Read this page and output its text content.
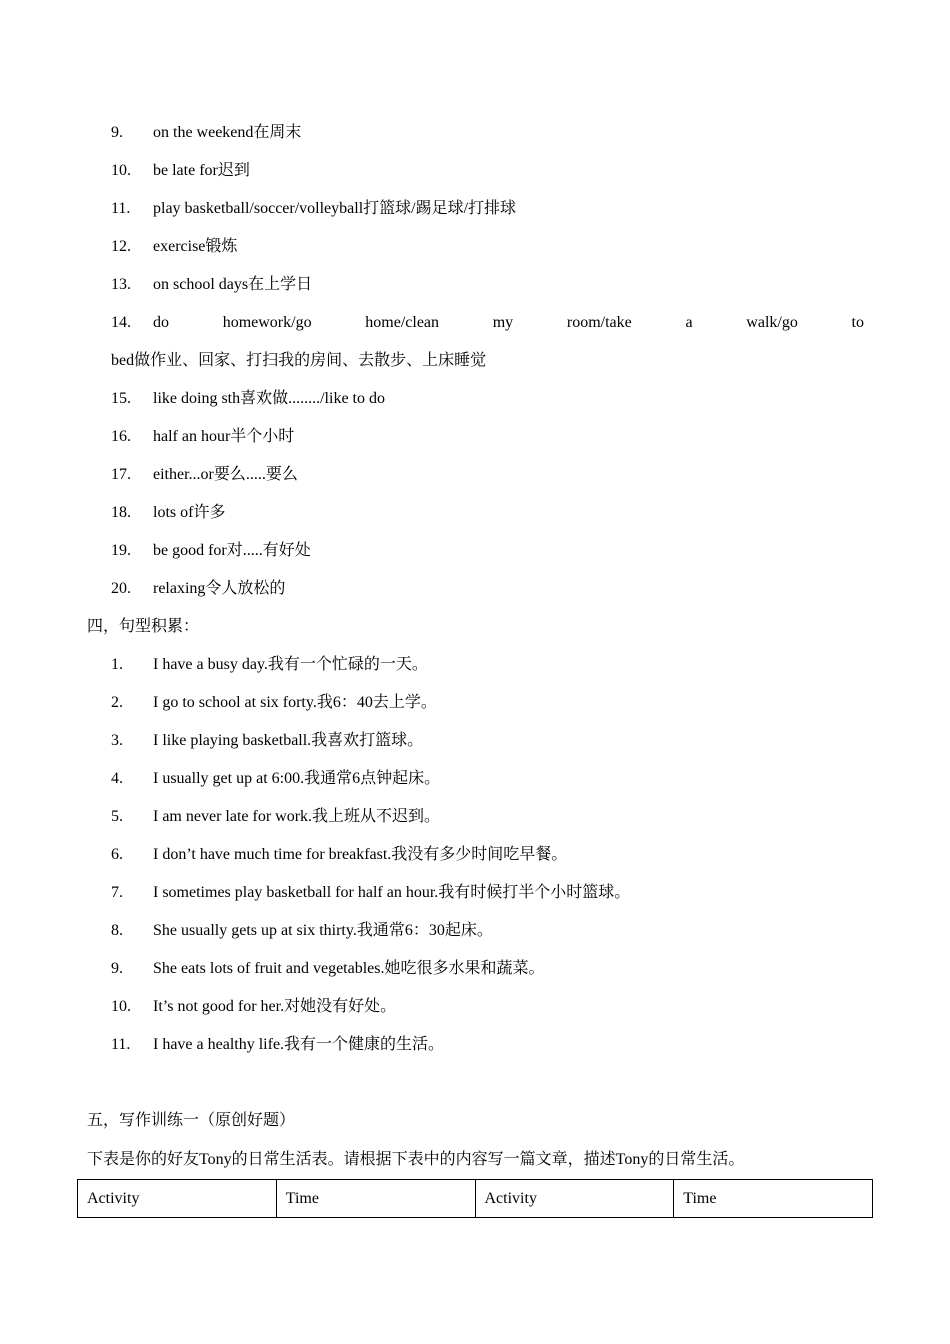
9. on the weekend在周末
10. be late for迟到
11. play basketball/soccer/volleyball打篮球/踢足球/打排球
12. exercise锻炼
13. on school days在上学日
14. do	homework/go	home/clean	my	room/take	a	walk/go	to
bed做作业、回家、打扫我的房间、去散步、上床睡觉
15. like doing sth喜欢做......../like to do
16. half an hour半个小时
17. either...or要么.....要么
18. lots of许多
19. be good for对.....有好处
20. relaxing令人放松的
四，句型积累：
1. I have a busy day.我有一个忙碌的一天。
2. I go to school at six forty.我6：40去上学。
3. I like playing basketball.我喜欢打篮球。
4. I usually get up at 6:00.我通常6点钟起床。
5. I am never late for work.我上班从不迟到。
6. I don’t have much time for breakfast.我没有多少时间吃早餐。
7. I sometimes play basketball for half an hour.我有时候打半个小时篮球。
8. She usually gets up at six thirty.我通常6：30起床。
9. She eats lots of fruit and vegetables.她吃很多水果和蔬菜。
10. It’s not good for her.对她没有好处。
11. I have a healthy life.我有一个健康的生活。
五，写作训练一（原创好题）
下表是你的好友Tony的日常生活表。请根据下表中的内容写一篇文章，描述Tony的日常生活。
Activity	Time	Activity	Time
